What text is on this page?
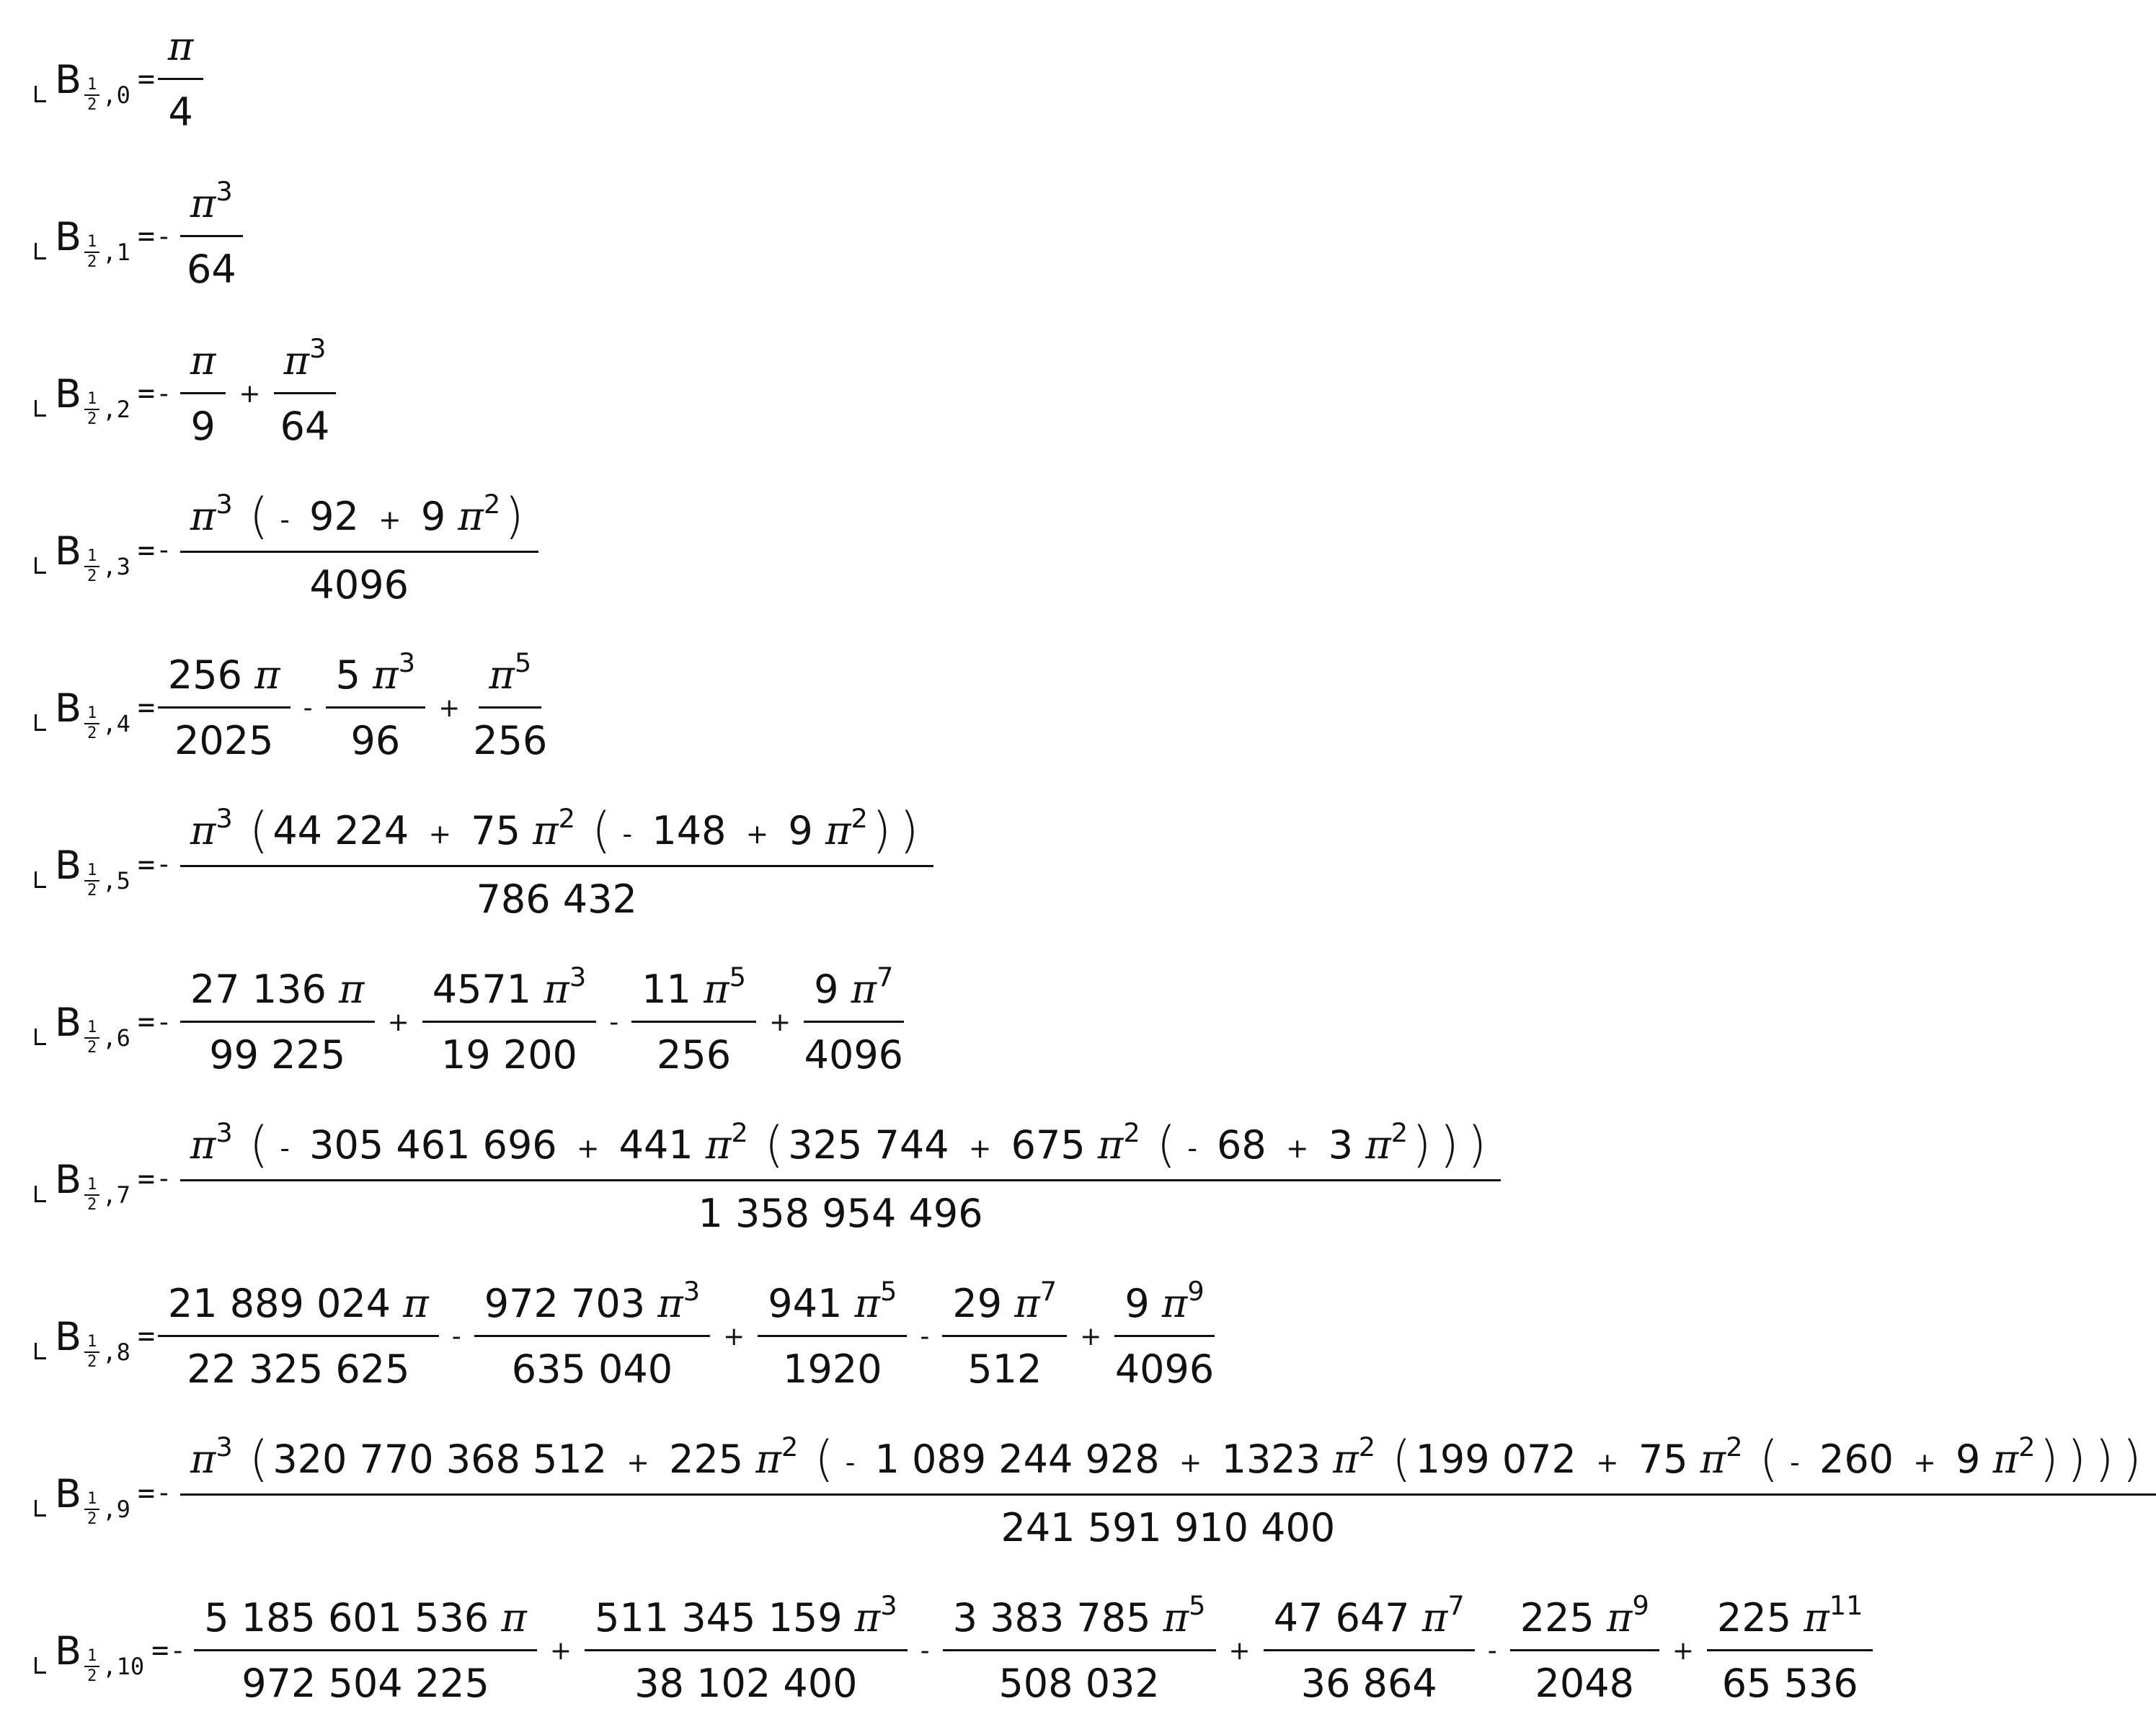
B $\frac{1}{2}$ , $0 = \frac{\pi}{4}$
B $\frac{1}{2}$ , 1 = - $\frac{\pi^3}{64}$
B $\frac{1}{2}$ , 2 = - $\frac{\pi}{9} + \frac{\pi^3}{64}$
B $\frac{1}{2}$ , 3 = - $\frac{\pi^3 ( - 92 + 9 \pi^2)}{4096}$
B $\frac{1}{2}$ , $4 = \frac{256 \pi}{2025} - \frac{5 \pi^3}{96} + \frac{\pi^5}{256}$
B $\frac{1}{2}$ , 5 = - $\frac{\pi^3 ( 44 224 + 75 \pi^2 ( - 148 + 9 \pi^2) )}{786 432}$
B $\frac{1}{2}$ , 6 = - $\frac{27 136 \pi}{99 225} + \frac{4571 \pi^3}{19 200} - \frac{11 \pi^5}{256} + \frac{9 \pi^7}{4096}$
B $\frac{1}{2}$ , 7 = - $\frac{\pi^3 ( - 305 461 696 + 441 \pi^2 ( 325 744 + 675 \pi^2 ( - 68 + 3 \pi^2) ) )}{1 358 954 496}$
B $\frac{1}{2}$ , $8 = \frac{21 889 024 \pi}{22 325 625} - \frac{972 703 \pi^3}{635 040} + \frac{941 \pi^5}{1920} - \frac{29 \pi^7}{512} + \frac{9 \pi^9}{4096}$
B $\frac{1}{2}$ , 9 = -
$\pi^3$ ( 320 770 368 512 + 225 $\pi^2$ ( - 1 089 244 928 + 1323 $\pi^2$ ( 199 072 + 75 $\pi^2$ ( - 260 + 9 $\pi^2$) ) ) )
241 591 910 400
B $\frac{1}{2}$ , 10 = - $\frac{5 185 601 536 \pi}{972 504 225} + \frac{511 345 159 \pi^3}{38 102 400} - \frac{3 383 785 \pi^5}{508 032} + \frac{47 647 \pi^7}{36 864} - \frac{225 \pi^9}{2048} + \frac{225 \pi^{11}}{65 536}$
